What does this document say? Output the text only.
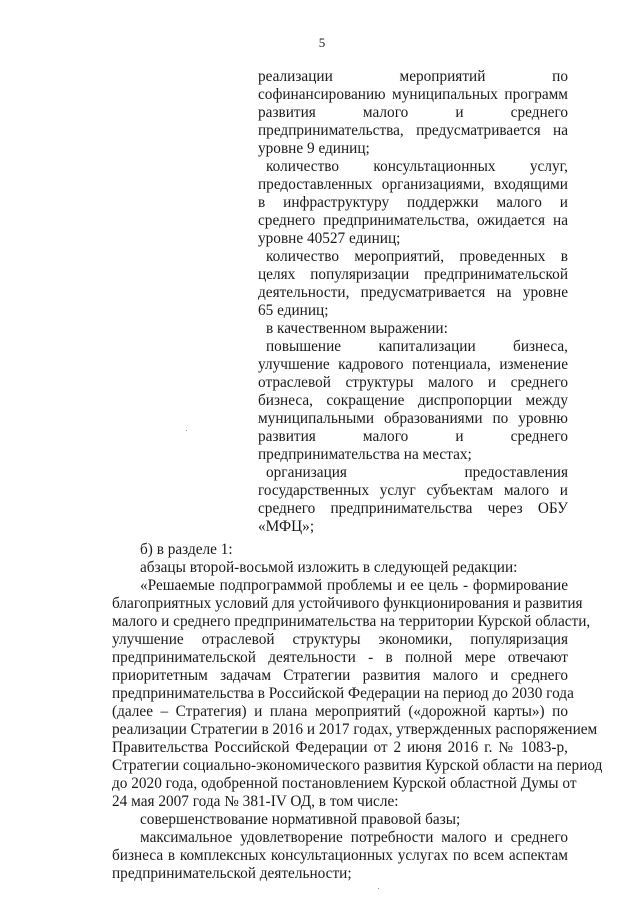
5
реализации мероприятий по
софинансированию муниципальных программ
развития малого и среднего
предпринимательства, предусматривается на
уровне 9 единиц;
количество консультационных услуг,
предоставленных организациями, входящими
в инфраструктуру поддержки малого и
среднего предпринимательства, ожидается на
уровне 40527 единиц;
количество мероприятий, проведенных в
целях популяризации предпринимательской
деятельности, предусматривается на уровне
65 единиц;
в качественном выражении:
повышение капитализации бизнеса,
улучшение кадрового потенциала, изменение
отраслевой структуры малого и среднего
бизнеса, сокращение диспропорции между
муниципальными образованиями по уровню
развития малого и среднего
предпринимательства на местах;
организация предоставления
государственных услуг субъектам малого и
среднего предпринимательства через ОБУ
«МФЦ»;
б) в разделе 1:
абзацы второй-восьмой изложить в следующей редакции:
«Решаемые подпрограммой проблемы и ее цель - формирование
благоприятных условий для устойчивого функционирования и развития
малого и среднего предпринимательства на территории Курской области,
улучшение отраслевой структуры экономики, популяризация
предпринимательской деятельности - в полной мере отвечают
приоритетным задачам Стратегии развития малого и среднего
предпринимательства в Российской Федерации на период до 2030 года
(далее – Стратегия) и плана мероприятий («дорожной карты») по
реализации Стратегии в 2016 и 2017 годах, утвержденных распоряжением
Правительства Российской Федерации от 2 июня 2016 г. № 1083-р,
Стратегии социально-экономического развития Курской области на период
до 2020 года, одобренной постановлением Курской областной Думы от
24 мая 2007 года № 381-IV ОД, в том числе:
совершенствование нормативной правовой базы;
максимальное удовлетворение потребности малого и среднего
бизнеса в комплексных консультационных услугах по всем аспектам
предпринимательской деятельности;
